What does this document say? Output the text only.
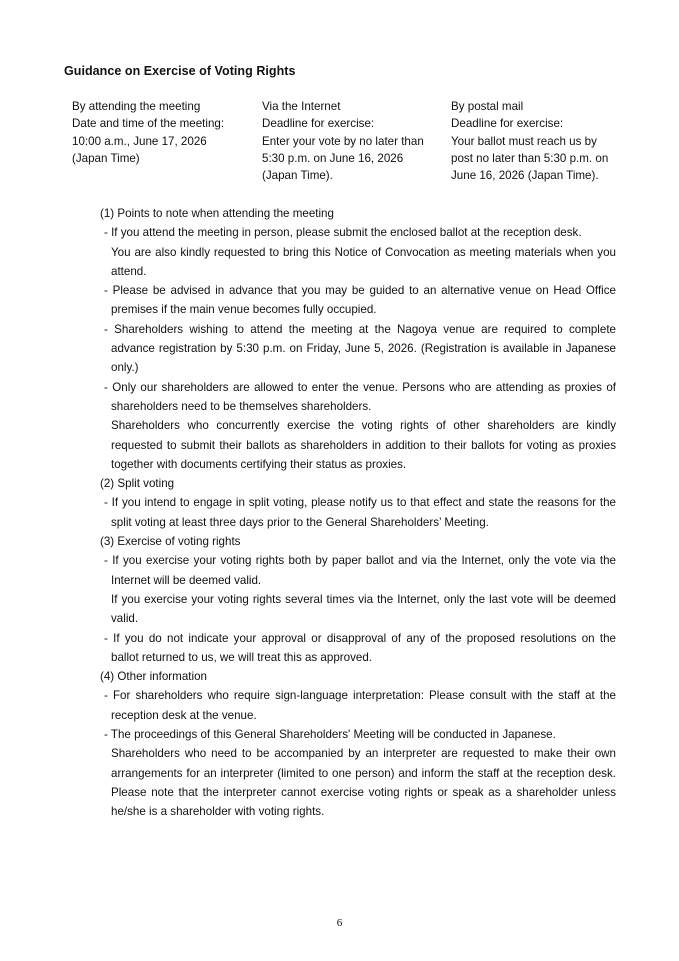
Guidance on Exercise of Voting Rights
By attending the meeting
Date and time of the meeting:
10:00 a.m., June 17, 2026
(Japan Time)
Via the Internet
Deadline for exercise:
Enter your vote by no later than
5:30 p.m. on June 16, 2026
(Japan Time).
By postal mail
Deadline for exercise:
Your ballot must reach us by
post no later than 5:30 p.m. on
June 16, 2026 (Japan Time).
(1) Points to note when attending the meeting
- If you attend the meeting in person, please submit the enclosed ballot at the reception desk.
You are also kindly requested to bring this Notice of Convocation as meeting materials when you
attend.
- Please be advised in advance that you may be guided to an alternative venue on Head Office
premises if the main venue becomes fully occupied.
- Shareholders wishing to attend the meeting at the Nagoya venue are required to complete
advance registration by 5:30 p.m. on Friday, June 5, 2026. (Registration is available in Japanese
only.)
- Only our shareholders are allowed to enter the venue. Persons who are attending as proxies of
shareholders need to be themselves shareholders.
Shareholders who concurrently exercise the voting rights of other shareholders are kindly
requested to submit their ballots as shareholders in addition to their ballots for voting as proxies
together with documents certifying their status as proxies.
(2) Split voting
- If you intend to engage in split voting, please notify us to that effect and state the reasons for the
split voting at least three days prior to the General Shareholders’ Meeting.
(3) Exercise of voting rights
- If you exercise your voting rights both by paper ballot and via the Internet, only the vote via the
Internet will be deemed valid.
If you exercise your voting rights several times via the Internet, only the last vote will be deemed
valid.
- If you do not indicate your approval or disapproval of any of the proposed resolutions on the
ballot returned to us, we will treat this as approved.
(4) Other information
- For shareholders who require sign-language interpretation: Please consult with the staff at the
reception desk at the venue.
- The proceedings of this General Shareholders' Meeting will be conducted in Japanese.
Shareholders who need to be accompanied by an interpreter are requested to make their own
arrangements for an interpreter (limited to one person) and inform the staff at the reception desk.
Please note that the interpreter cannot exercise voting rights or speak as a shareholder unless
he/she is a shareholder with voting rights.
6
